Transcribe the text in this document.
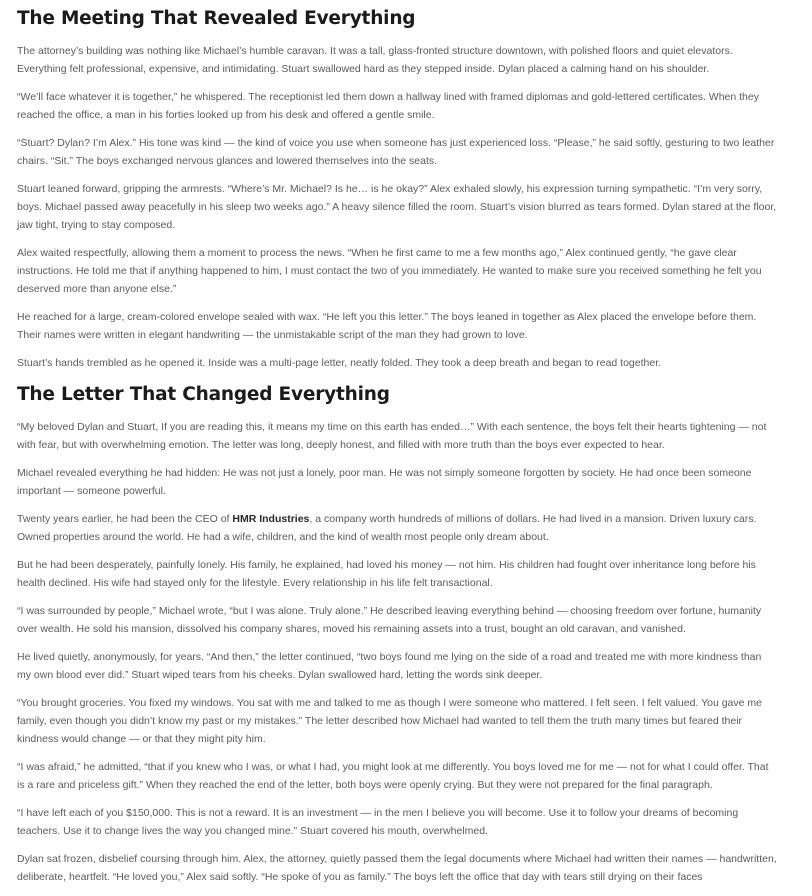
The Meeting That Revealed Everything

The attorney’s building was nothing like Michael’s humble caravan. It was a tall, glass-fronted structure downtown, with polished floors and quiet elevators. Everything felt professional, expensive, and intimidating. Stuart swallowed hard as they stepped inside. Dylan placed a calming hand on his shoulder.

“We’ll face whatever it is together,” he whispered. The receptionist led them down a hallway lined with framed diplomas and gold-lettered certificates. When they reached the office, a man in his forties looked up from his desk and offered a gentle smile.

“Stuart? Dylan? I’m Alex.” His tone was kind — the kind of voice you use when someone has just experienced loss. “Please,” he said softly, gesturing to two leather chairs. “Sit.” The boys exchanged nervous glances and lowered themselves into the seats.

Stuart leaned forward, gripping the armrests. “Where’s Mr. Michael? Is he… is he okay?” Alex exhaled slowly, his expression turning sympathetic. “I’m very sorry, boys. Michael passed away peacefully in his sleep two weeks ago.” A heavy silence filled the room. Stuart’s vision blurred as tears formed. Dylan stared at the floor, jaw tight, trying to stay composed.

Alex waited respectfully, allowing them a moment to process the news. “When he first came to me a few months ago,” Alex continued gently, “he gave clear instructions. He told me that if anything happened to him, I must contact the two of you immediately. He wanted to make sure you received something he felt you deserved more than anyone else.”

He reached for a large, cream-colored envelope sealed with wax. “He left you this letter.” The boys leaned in together as Alex placed the envelope before them. Their names were written in elegant handwriting — the unmistakable script of the man they had grown to love.

Stuart’s hands trembled as he opened it. Inside was a multi-page letter, neatly folded. They took a deep breath and began to read together.

The Letter That Changed Everything

“My beloved Dylan and Stuart, If you are reading this, it means my time on this earth has ended…” With each sentence, the boys felt their hearts tightening — not with fear, but with overwhelming emotion. The letter was long, deeply honest, and filled with more truth than the boys ever expected to hear.

Michael revealed everything he had hidden: He was not just a lonely, poor man. He was not simply someone forgotten by society. He had once been someone important — someone powerful.

Twenty years earlier, he had been the CEO of HMR Industries, a company worth hundreds of millions of dollars. He had lived in a mansion. Driven luxury cars. Owned properties around the world. He had a wife, children, and the kind of wealth most people only dream about.

But he had been desperately, painfully lonely. His family, he explained, had loved his money — not him. His children had fought over inheritance long before his health declined. His wife had stayed only for the lifestyle. Every relationship in his life felt transactional.

“I was surrounded by people,” Michael wrote, “but I was alone. Truly alone.” He described leaving everything behind — choosing freedom over fortune, humanity over wealth. He sold his mansion, dissolved his company shares, moved his remaining assets into a trust, bought an old caravan, and vanished.

He lived quietly, anonymously, for years. “And then,” the letter continued, “two boys found me lying on the side of a road and treated me with more kindness than my own blood ever did.” Stuart wiped tears from his cheeks. Dylan swallowed hard, letting the words sink deeper.

“You brought groceries. You fixed my windows. You sat with me and talked to me as though I were someone who mattered. I felt seen. I felt valued. You gave me family, even though you didn’t know my past or my mistakes.” The letter described how Michael had wanted to tell them the truth many times but feared their kindness would change — or that they might pity him.

“I was afraid,” he admitted, “that if you knew who I was, or what I had, you might look at me differently. You boys loved me for me — not for what I could offer. That is a rare and priceless gift.” When they reached the end of the letter, both boys were openly crying. But they were not prepared for the final paragraph.

“I have left each of you $150,000. This is not a reward. It is an investment — in the men I believe you will become. Use it to follow your dreams of becoming teachers. Use it to change lives the way you changed mine.” Stuart covered his mouth, overwhelmed.

Dylan sat frozen, disbelief coursing through him. Alex, the attorney, quietly passed them the legal documents where Michael had written their names — handwritten, deliberate, heartfelt. “He loved you,” Alex said softly. “He spoke of you as family.” The boys left the office that day with tears still drying on their faces
